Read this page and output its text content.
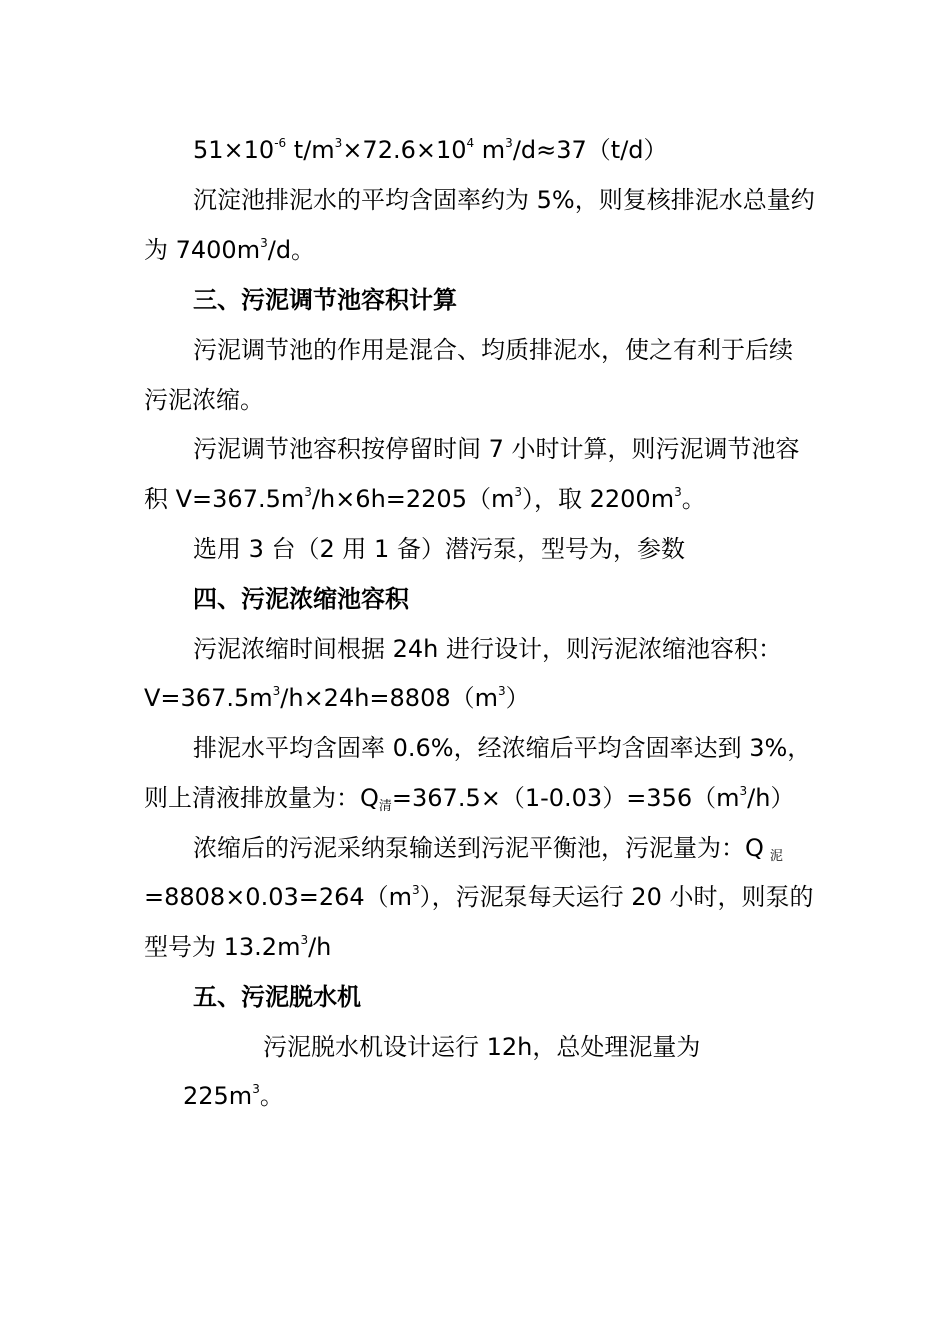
$51\times 10^{-6}$ $t/m^3\times 72.6\times 10^4$ $m^3/d\approx 37(t/d)$
沉淀池排泥水的平均含固率约为 5%，则复核排泥水总量约
为 $7400m^3/d$。
三、污泥调节池容积计算
污泥调节池的作用是混合、均质排泥水，使之有利于后续
污泥浓缩。
污泥调节池容积按停留时间 7 小时计算，则污泥调节池容
积 $V=367.5m^3/h\times 6h=2205(m^3)$，取 $2200m^3$。
选用 3 台（2 用 1 备）潜污泵，型号为，参数
四、污泥浓缩池容积
污泥浓缩时间根据 24h 进行设计，则污泥浓缩池容积：
$V=367.5m^3/h\times 24h=8808(m^3)$
排泥水平均含固率 0.6%，经浓缩后平均含固率达到 3%，
则上清液排放量为：$Q_清=367.5\times(1-0.03)=356(m^3/h)$
浓缩后的污泥采纳泵输送到污泥平衡池，污泥量为：Q $_泥$
$=8808\times 0.03=264(m^3)$，污泥泵每天运行 20 小时，则泵的
型号为 $13.2m^3/h$
五、污泥脱水机
污泥脱水机设计运行 12h，总处理泥量为
$225m^3$。
